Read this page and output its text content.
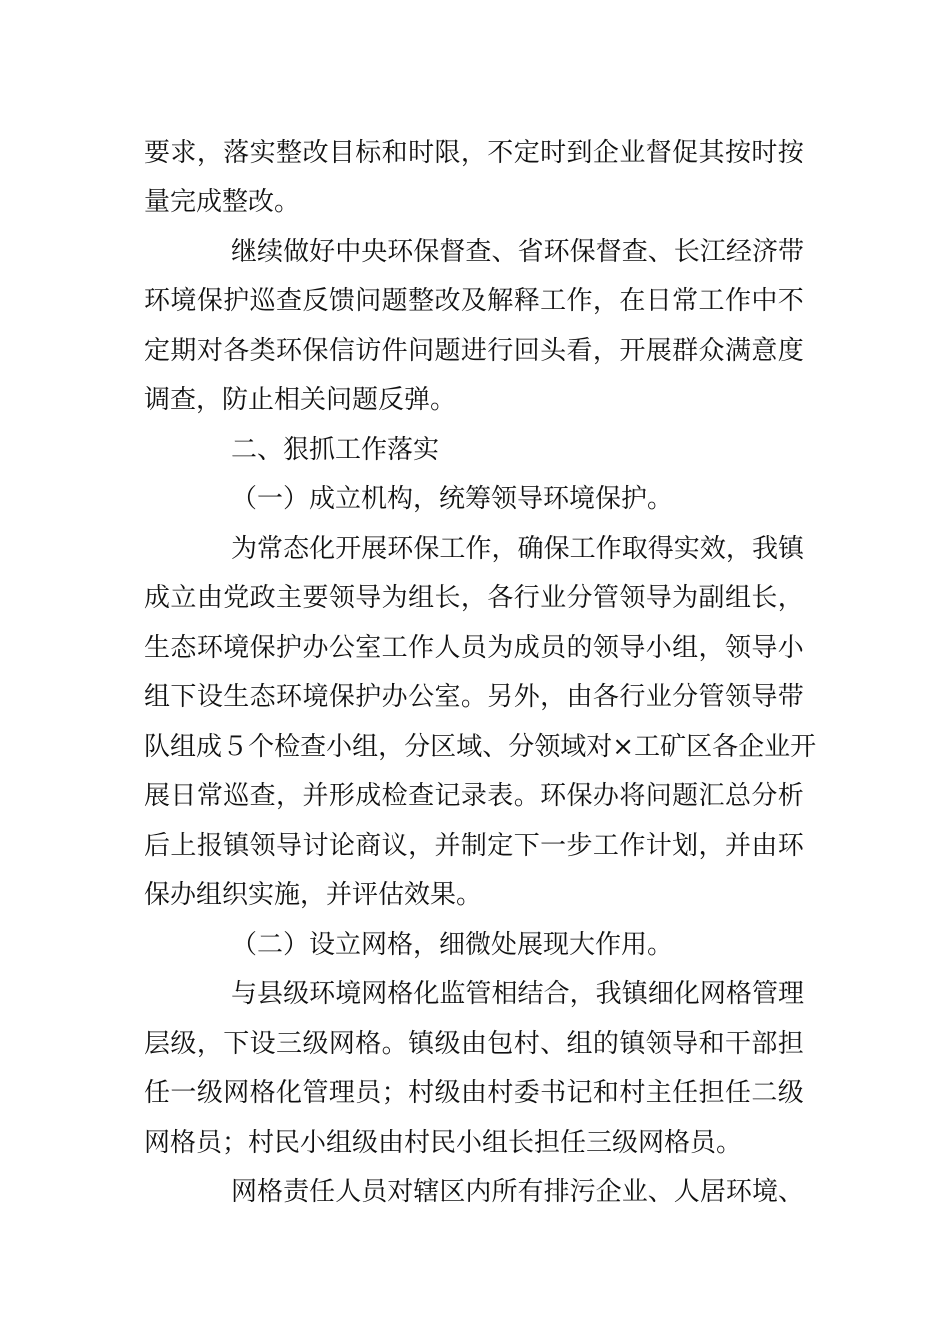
要 求 ， 落 实 整 改 目 标 和 时 限 ， 不 定 时 到 企 业 督 促 其 按 时 按
量完成整改。
继 续 做 好 中 央 环 保 督 查 、 省 环 保 督 查 、 长 江 经 济 带
环 境 保 护 巡 查 反 馈 问 题 整 改 及 解 释 工 作 ， 在 日 常 工 作 中 不
定 期 对 各 类 环 保 信 访 件 问 题 进 行 回 头 看 ， 开 展 群 众 满 意 度
调查，防止相关问题反弹。
二、狠抓工作落实
（一）成立机构，统筹领导环境保护。
为 常 态 化 开 展 环 保 工 作 ， 确 保 工 作 取 得 实 效 ， 我 镇
成 立 由 党 政 主 要 领 导 为 组 长 ， 各 行 业 分 管 领 导 为 副 组 长 ，
生 态 环 境 保 护 办 公 室 工 作 人 员 为 成 员 的 领 导 小 组 ， 领 导 小
组 下 设 生 态 环 境 保 护 办 公 室 。 另 外 ， 由 各 行 业 分 管 领 导 带
队 组 成 ５ 个 检 查 小 组 ， 分 区 域 、 分 领 域 对 × 工 矿 区 各 企 业 开
展 日 常 巡 查 ， 并 形 成 检 查 记 录 表 。 环 保 办 将 问 题 汇 总 分 析
后 上 报 镇 领 导 讨 论 商 议 ， 并 制 定 下 一 步 工 作 计 划 ， 并 由 环
保办组织实施，并评估效果。
（二）设立网格，细微处展现大作用。
与 县 级 环 境 网 格 化 监 管 相 结 合 ， 我 镇 细 化 网 格 管 理
层 级 ， 下 设 三 级 网 格 。 镇 级 由 包 村 、 组 的 镇 领 导 和 干 部 担
任 一 级 网 格 化 管 理 员 ； 村 级 由 村 委 书 记 和 村 主 任 担 任 二 级
网格员；村民小组级由村民小组长担任三级网格员。
网 格 责 任 人 员 对 辖 区 内 所 有 排 污 企 业 、 人 居 环 境 、
